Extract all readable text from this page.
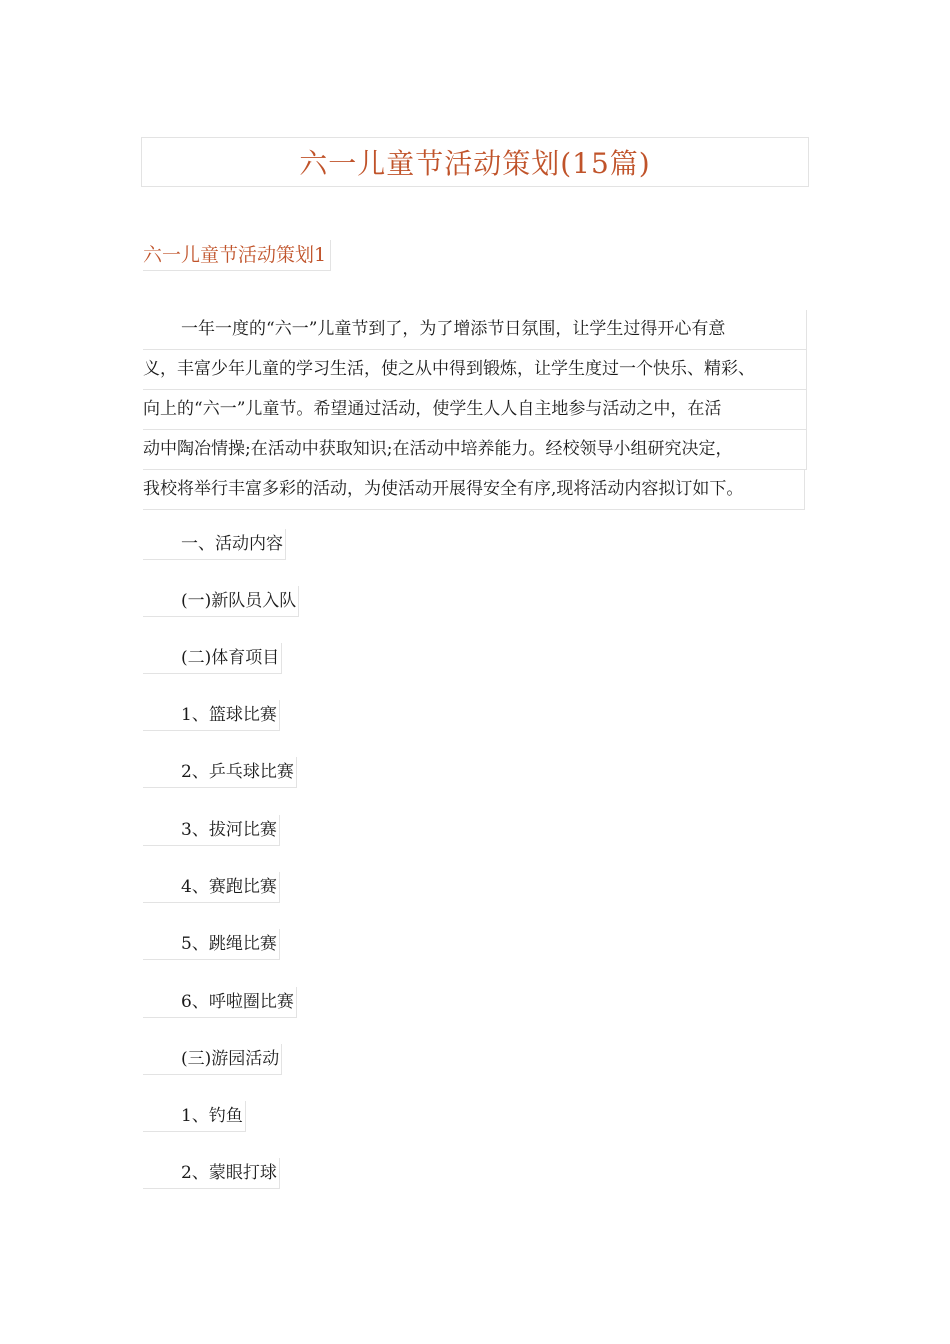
六一儿童节活动策划(15篇)
六一儿童节活动策划1
一年一度的“六一”儿童节到了，为了增添节日氛围，让学生过得开心有意
义，丰富少年儿童的学习生活，使之从中得到锻炼，让学生度过一个快乐、精彩、
向上的“六一”儿童节。希望通过活动，使学生人人自主地参与活动之中，在活
动中陶冶情操;在活动中获取知识;在活动中培养能力。经校领导小组研究决定，
我校将举行丰富多彩的活动，为使活动开展得安全有序,现将活动内容拟订如下。
一、活动内容
(一)新队员入队
(二)体育项目
1、篮球比赛
2、乒乓球比赛
3、拔河比赛
4、赛跑比赛
5、跳绳比赛
6、呼啦圈比赛
(三)游园活动
1、钓鱼
2、蒙眼打球
